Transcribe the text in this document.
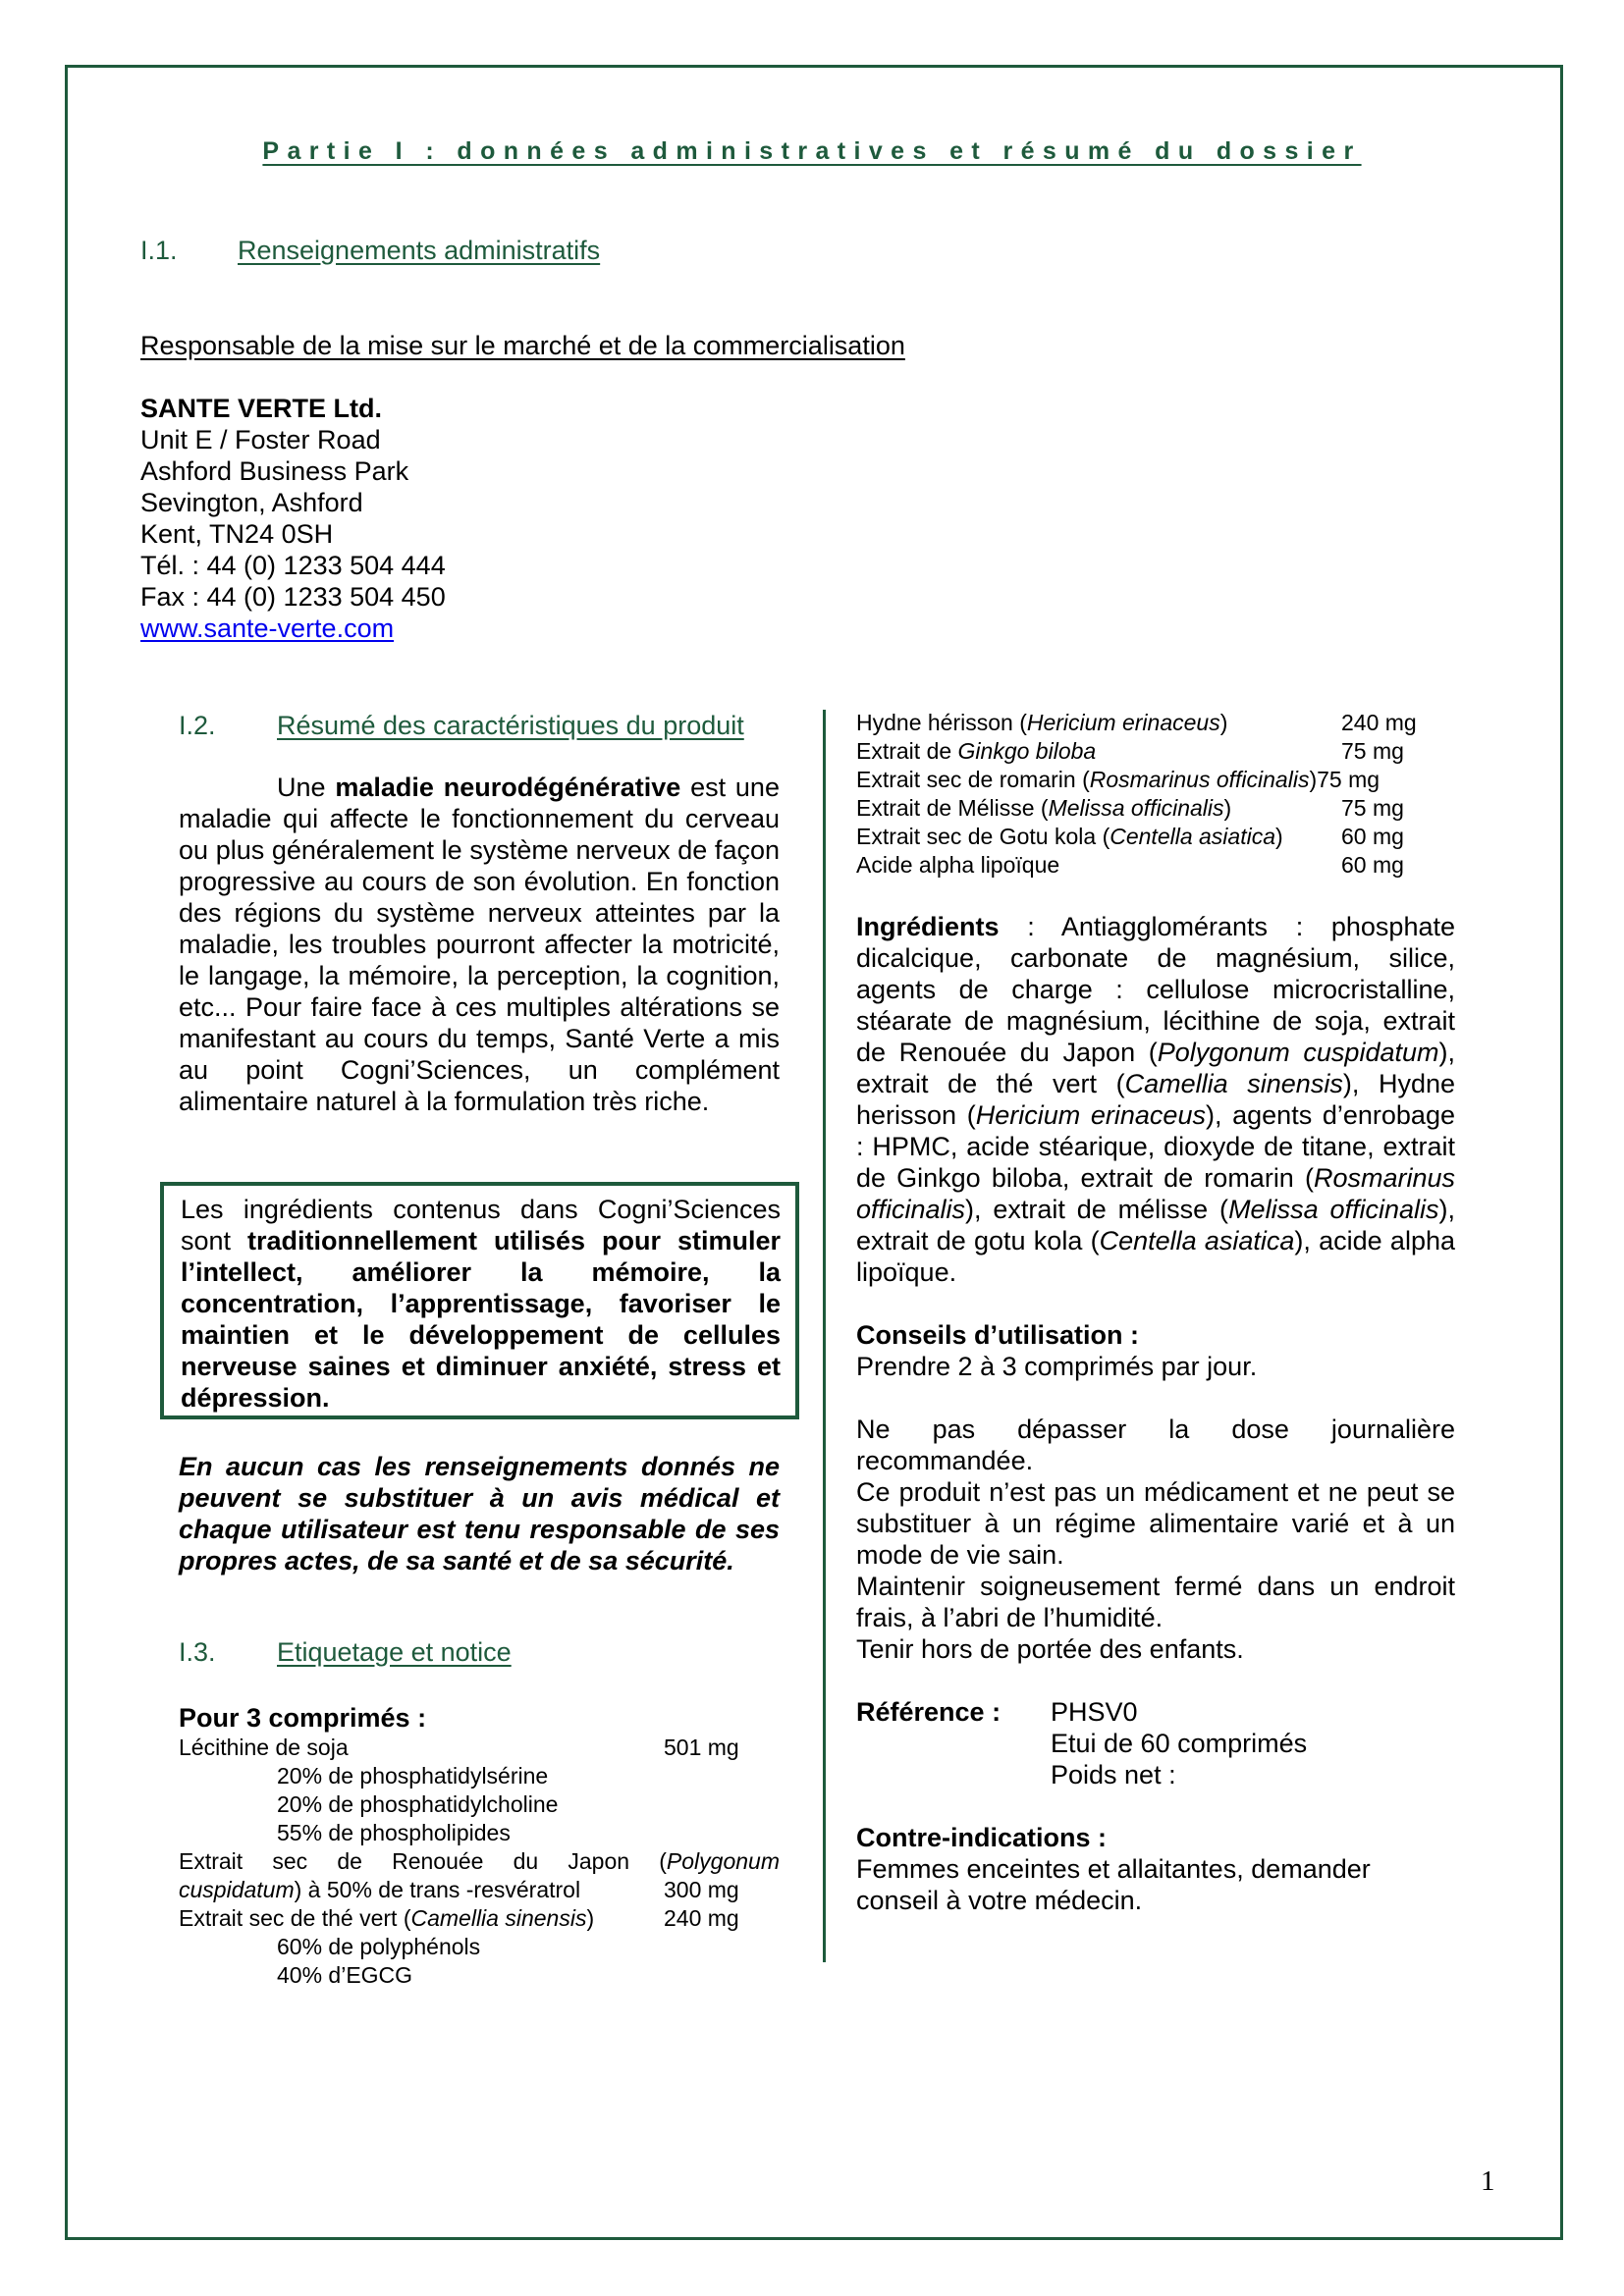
Partie I : données administratives et résumé du dossier
I.1. Renseignements administratifs
Responsable de la mise sur le marché et de la commercialisation
SANTE VERTE Ltd.
Unit E / Foster Road
Ashford Business Park
Sevington, Ashford
Kent, TN24 0SH
Tél. : 44 (0) 1233 504 444
Fax : 44 (0) 1233 504 450
www.sante-verte.com
I.2. Résumé des caractéristiques du produit
Une maladie neurodégénérative est une maladie qui affecte le fonctionnement du cerveau ou plus généralement le système nerveux de façon progressive au cours de son évolution. En fonction des régions du système nerveux atteintes par la maladie, les troubles pourront affecter la motricité, le langage, la mémoire, la perception, la cognition, etc... Pour faire face à ces multiples altérations se manifestant au cours du temps, Santé Verte a mis au point Cogni’Sciences, un complément alimentaire naturel à la formulation très riche.
Les ingrédients contenus dans Cogni’Sciences sont traditionnellement utilisés pour stimuler l’intellect, améliorer la mémoire, la concentration, l’apprentissage, favoriser le maintien et le développement de cellules nerveuse saines et diminuer anxiété, stress et dépression.
En aucun cas les renseignements donnés ne peuvent se substituer à un avis médical et chaque utilisateur est tenu responsable de ses propres actes, de sa santé et de sa sécurité.
I.3. Etiquetage et notice
Pour 3 comprimés :
Lécithine de soja	501 mg
20% de phosphatidylsérine
20% de phosphatidylcholine
55% de phospholipides
Extrait sec de Renouée du Japon (Polygonum
cuspidatum) à 50% de trans -resvératrol	300 mg
Extrait sec de thé vert (Camellia sinensis)	240 mg
60% de polyphénols
40% d’EGCG
Hydne hérisson (Hericium erinaceus)	240 mg
Extrait de Ginkgo biloba	75 mg
Extrait sec de romarin (Rosmarinus officinalis)75 mg
Extrait de Mélisse (Melissa officinalis)	75 mg
Extrait sec de Gotu kola (Centella asiatica)	60 mg
Acide alpha lipoïque	60 mg
Ingrédients : Antiagglomérants : phosphate dicalcique, carbonate de magnésium, silice, agents de charge : cellulose microcristalline, stéarate de magnésium, lécithine de soja, extrait de Renouée du Japon (Polygonum cuspidatum), extrait de thé vert (Camellia sinensis), Hydne herisson (Hericium erinaceus), agents d’enrobage : HPMC, acide stéarique, dioxyde de titane, extrait de Ginkgo biloba, extrait de romarin (Rosmarinus officinalis), extrait de mélisse (Melissa officinalis), extrait de gotu kola (Centella asiatica), acide alpha lipoïque.
Conseils d’utilisation :
Prendre 2 à 3 comprimés par jour.
Ne pas dépasser la dose journalière recommandée.
Ce produit n’est pas un médicament et ne peut se substituer à un régime alimentaire varié et à un mode de vie sain.
Maintenir soigneusement fermé dans un endroit frais, à l’abri de l’humidité.
Tenir hors de portée des enfants.
Référence : PHSV0
Etui de 60 comprimés
Poids net :
Contre-indications :
Femmes enceintes et allaitantes, demander conseil à votre médecin.
1
